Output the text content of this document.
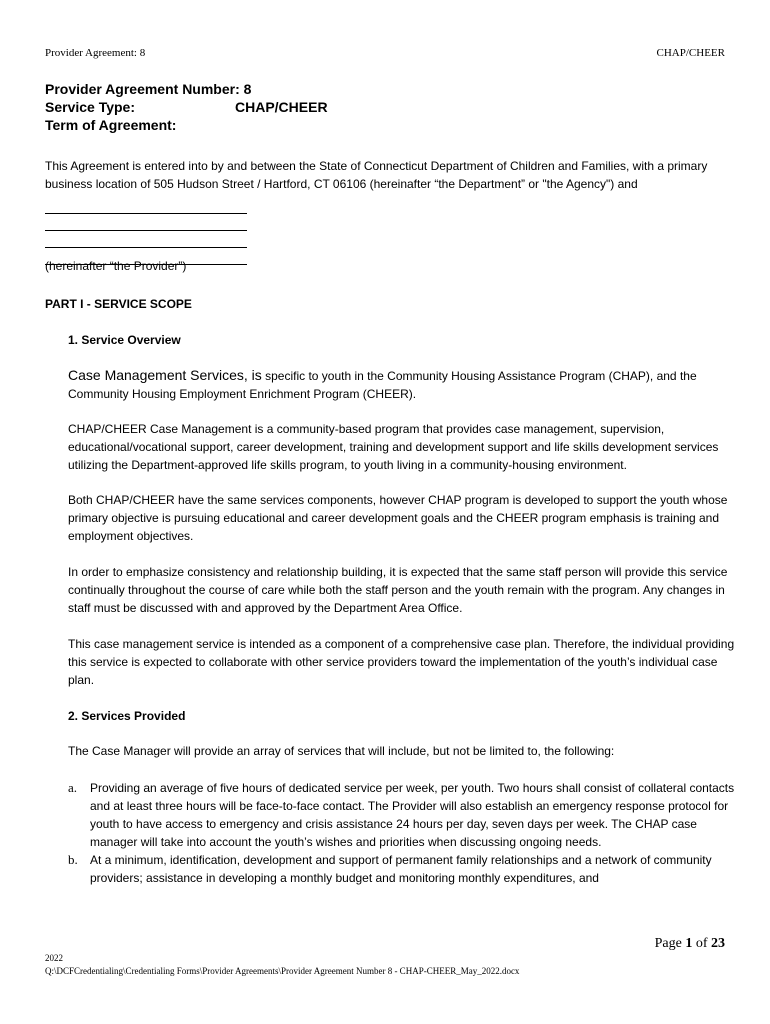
Provider Agreement: 8	CHAP/CHEER
Provider Agreement Number:
8
Service Type:	CHAP/CHEER
Term of Agreement:
This Agreement is entered into by and between the State of Connecticut Department of Children and Families, with a primary business location of 505 Hudson Street / Hartford, CT 06106 (hereinafter “the Department” or "the Agency") and
(hereinafter “the Provider”)
PART I - SERVICE SCOPE
1. Service Overview
Case Management Services, is specific to youth in the Community Housing Assistance Program (CHAP), and the Community Housing Employment Enrichment Program (CHEER).
CHAP/CHEER Case Management is a community-based program that provides case management, supervision, educational/vocational support, career development, training and development support and life skills development services utilizing the Department-approved life skills program, to youth living in a community-housing environment.
Both CHAP/CHEER have the same services components, however CHAP program is developed to support the youth whose primary objective is pursuing educational and career development goals and the CHEER program emphasis is training and employment objectives.
In order to emphasize consistency and relationship building, it is expected that the same staff person will provide this service continually throughout the course of care while both the staff person and the youth remain with the program. Any changes in staff must be discussed with and approved by the Department Area Office.
This case management service is intended as a component of a comprehensive case plan. Therefore, the individual providing this service is expected to collaborate with other service providers toward the implementation of the youth’s individual case plan.
2. Services Provided
The Case Manager will provide an array of services that will include, but not be limited to, the following:
a.	Providing an average of five hours of dedicated service per week, per youth. Two hours shall consist of collateral contacts and at least three hours will be face-to-face contact. The Provider will also establish an emergency response protocol for youth to have access to emergency and crisis assistance 24 hours per day, seven days per week. The CHAP case manager will take into account the youth’s wishes and priorities when discussing ongoing needs.
b.	At a minimum, identification, development and support of permanent family relationships and a network of community providers; assistance in developing a monthly budget and monitoring monthly expenditures, and
Page 1 of 23
2022
Q:\DCFCredentialing\Credentialing Forms\Provider Agreements\Provider Agreement Number 8 - CHAP-CHEER_May_2022.docx
